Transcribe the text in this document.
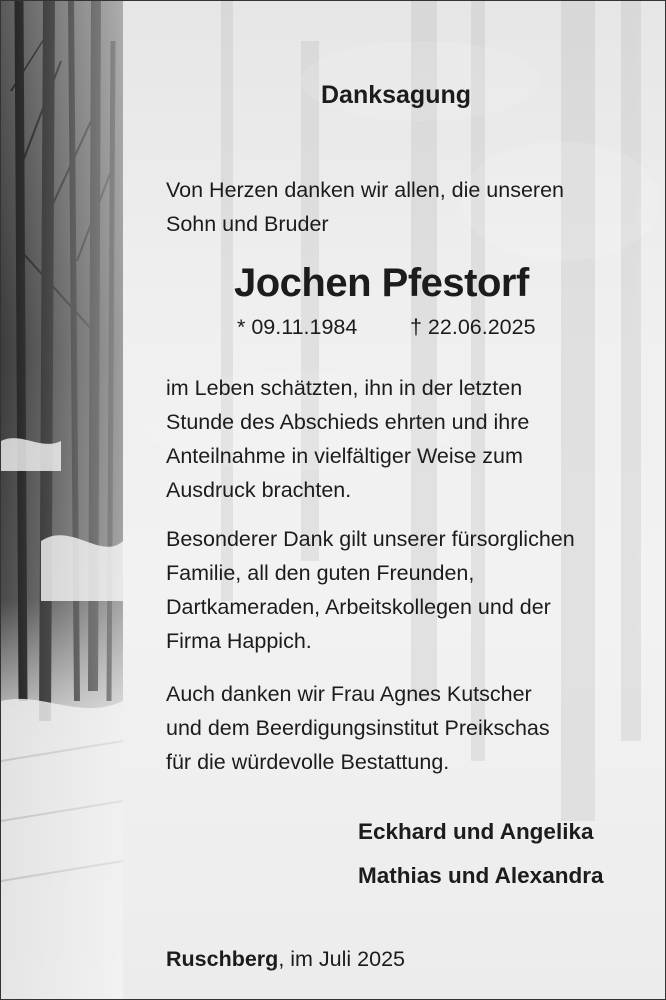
Danksagung

Von Herzen danken wir allen, die unseren
Sohn und Bruder

Jochen Pfestorf

* 09.11.1984 † 22.06.2025

im Leben schätzten, ihn in der letzten
Stunde des Abschieds ehrten und ihre
Anteilnahme in vielfältiger Weise zum
Ausdruck brachten.

Besonderer Dank gilt unserer fürsorglichen
Familie, all den guten Freunden,
Dartkameraden, Arbeitskollegen und der
Firma Happich.

Auch danken wir Frau Agnes Kutscher
und dem Beerdigungsinstitut Preikschas
für die würdevolle Bestattung.

Eckhard und Angelika

Mathias und Alexandra

Ruschberg, im Juli 2025
